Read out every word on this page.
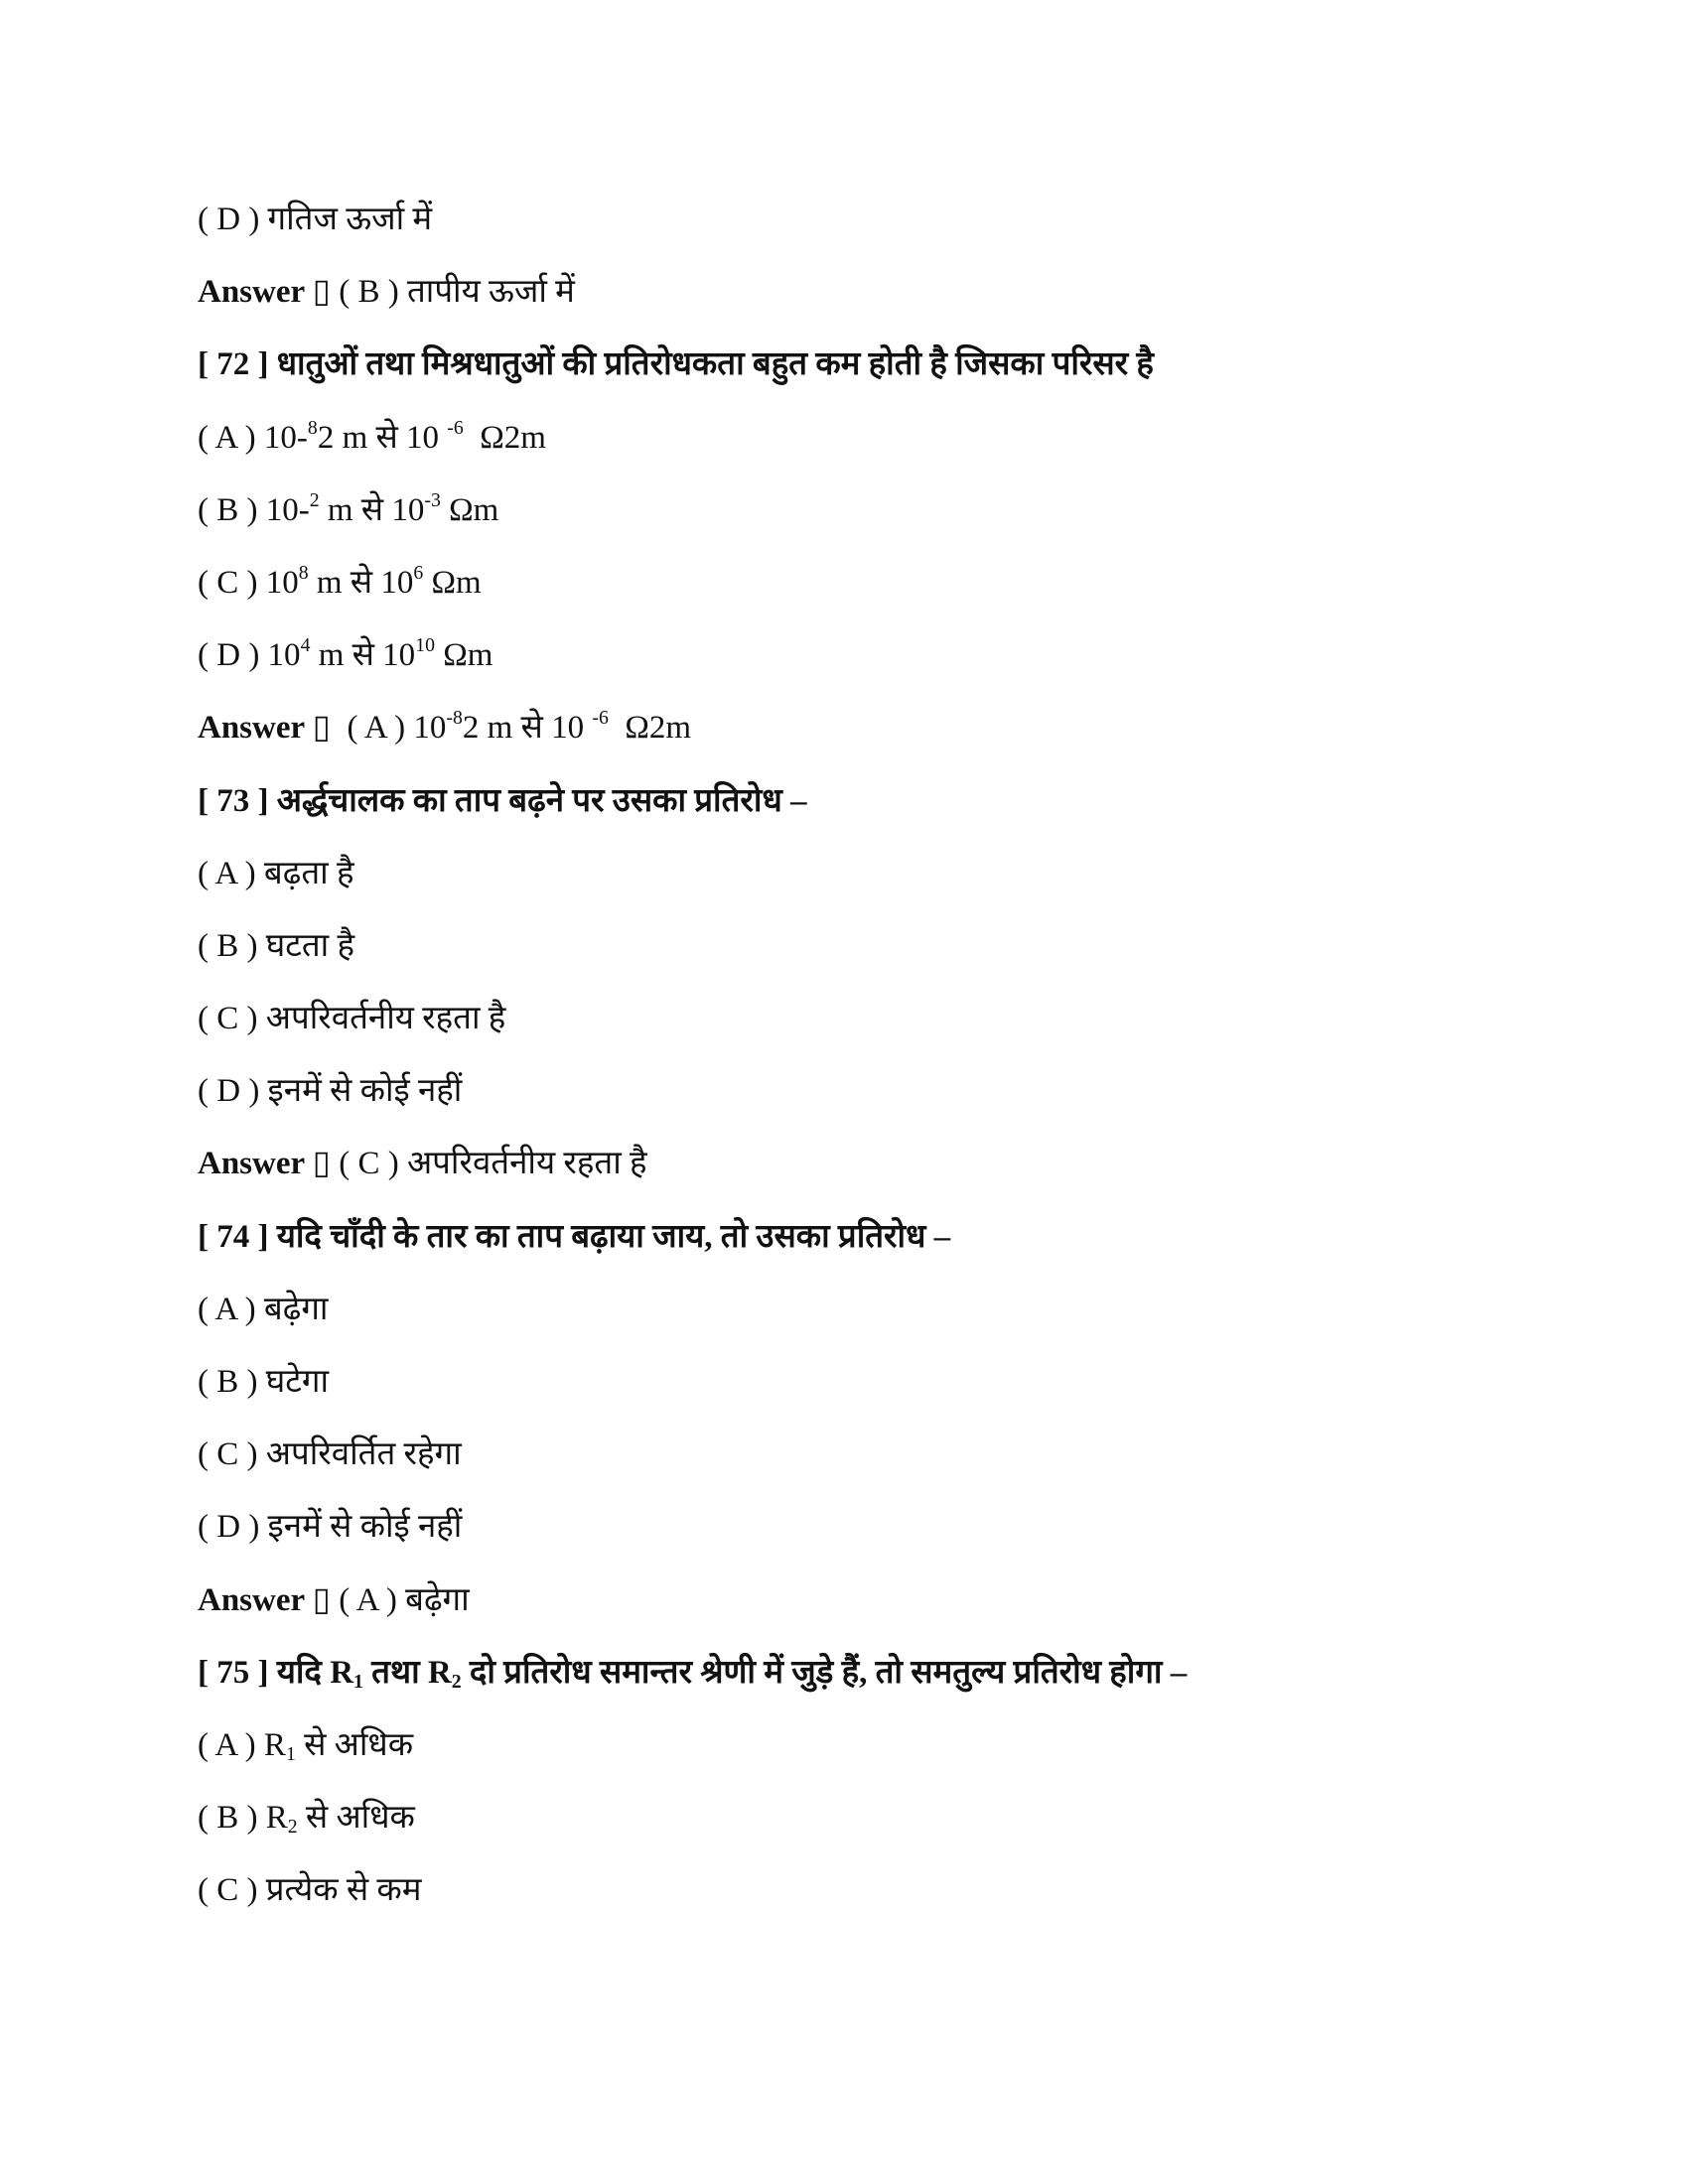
( D ) गतिज ऊर्जा में
Answer ▯ ( B ) तापीय ऊर्जा में
[ 72 ] धातुओं तथा मिश्रधातुओं की प्रतिरोधकता बहुत कम होती है जिसका परिसर है
( A ) 10-$^8$2 m से 10 $^{-6}$  Ω2m
( B ) 10-$^2$ m से $10^{-3}$ Ωm
( C ) $10^8$ m से $10^6$ Ωm
( D ) $10^4$ m से $10^{10}$ Ωm
Answer ▯  ( A ) $10^{-8}2$ m से 10 $^{-6}$  Ω2m
[ 73 ] अर्द्धचालक का ताप बढ़ने पर उसका प्रतिरोध –
( A ) बढ़ता है
( B ) घटता है
( C ) अपरिवर्तनीय रहता है
( D ) इनमें से कोई नहीं
Answer ▯ ( C ) अपरिवर्तनीय रहता है
[ 74 ] यदि चाँदी के तार का ताप बढ़ाया जाय, तो उसका प्रतिरोध –
( A ) बढ़ेगा
( B ) घटेगा
( C ) अपरिवर्तित रहेगा
( D ) इनमें से कोई नहीं
Answer ▯ ( A ) बढ़ेगा
[ 75 ] यदि $R_1$ तथा $R_2$ दो प्रतिरोध समान्तर श्रेणी में जुड़े हैं, तो समतुल्य प्रतिरोध होगा –
( A ) $R_1$ से अधिक
( B ) $R_2$ से अधिक
( C ) प्रत्येक से कम
